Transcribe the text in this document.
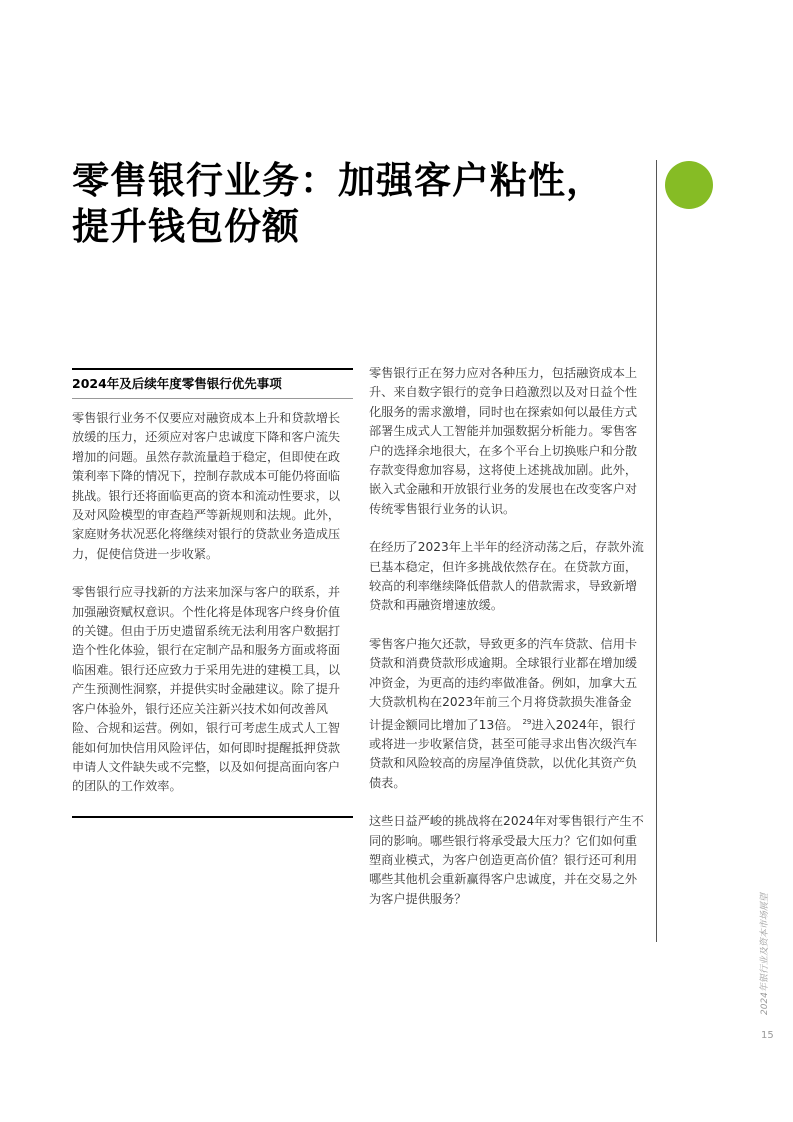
零售银行业务：加强客户粘性，
提升钱包份额
2024年及后续年度零售银行优先事项
零售银行业务不仅要应对融资成本上升和贷款增长
放缓的压力，还须应对客户忠诚度下降和客户流失
增加的问题。虽然存款流量趋于稳定，但即使在政
策利率下降的情况下，控制存款成本可能仍将面临
挑战。银行还将面临更高的资本和流动性要求，以
及对风险模型的审查趋严等新规则和法规。此外，
家庭财务状况恶化将继续对银行的贷款业务造成压
力，促使信贷进一步收紧。
零售银行应寻找新的方法来加深与客户的联系，并
加强融资赋权意识。个性化将是体现客户终身价值
的关键。但由于历史遗留系统无法利用客户数据打
造个性化体验，银行在定制产品和服务方面或将面
临困难。银行还应致力于采用先进的建模工具，以
产生预测性洞察，并提供实时金融建议。除了提升
客户体验外，银行还应关注新兴技术如何改善风
险、合规和运营。例如，银行可考虑生成式人工智
能如何加快信用风险评估，如何即时提醒抵押贷款
申请人文件缺失或不完整，以及如何提高面向客户
的团队的工作效率。
零售银行正在努力应对各种压力，包括融资成本上
升、来自数字银行的竞争日趋激烈以及对日益个性
化服务的需求激增，同时也在探索如何以最佳方式
部署生成式人工智能并加强数据分析能力。零售客
户的选择余地很大，在多个平台上切换账户和分散
存款变得愈加容易，这将使上述挑战加剧。此外，
嵌入式金融和开放银行业务的发展也在改变客户对
传统零售银行业务的认识。
在经历了2023年上半年的经济动荡之后，存款外流
已基本稳定，但许多挑战依然存在。在贷款方面，
较高的利率继续降低借款人的借款需求，导致新增
贷款和再融资增速放缓。
零售客户拖欠还款，导致更多的汽车贷款、信用卡
贷款和消费贷款形成逾期。全球银行业都在增加缓
冲资金，为更高的违约率做准备。例如，加拿大五
大贷款机构在2023年前三个月将贷款损失准备金
计提金额同比增加了13倍。 $^{29}$进入2024年，银行
或将进一步收紧信贷，甚至可能寻求出售次级汽车
贷款和风险较高的房屋净值贷款，以优化其资产负
债表。
这些日益严峻的挑战将在2024年对零售银行产生不
同的影响。哪些银行将承受最大压力？它们如何重
塑商业模式，为客户创造更高价值？银行还可利用
哪些其他机会重新赢得客户忠诚度，并在交易之外
为客户提供服务？	2024年银行业及资本市场展望
15
